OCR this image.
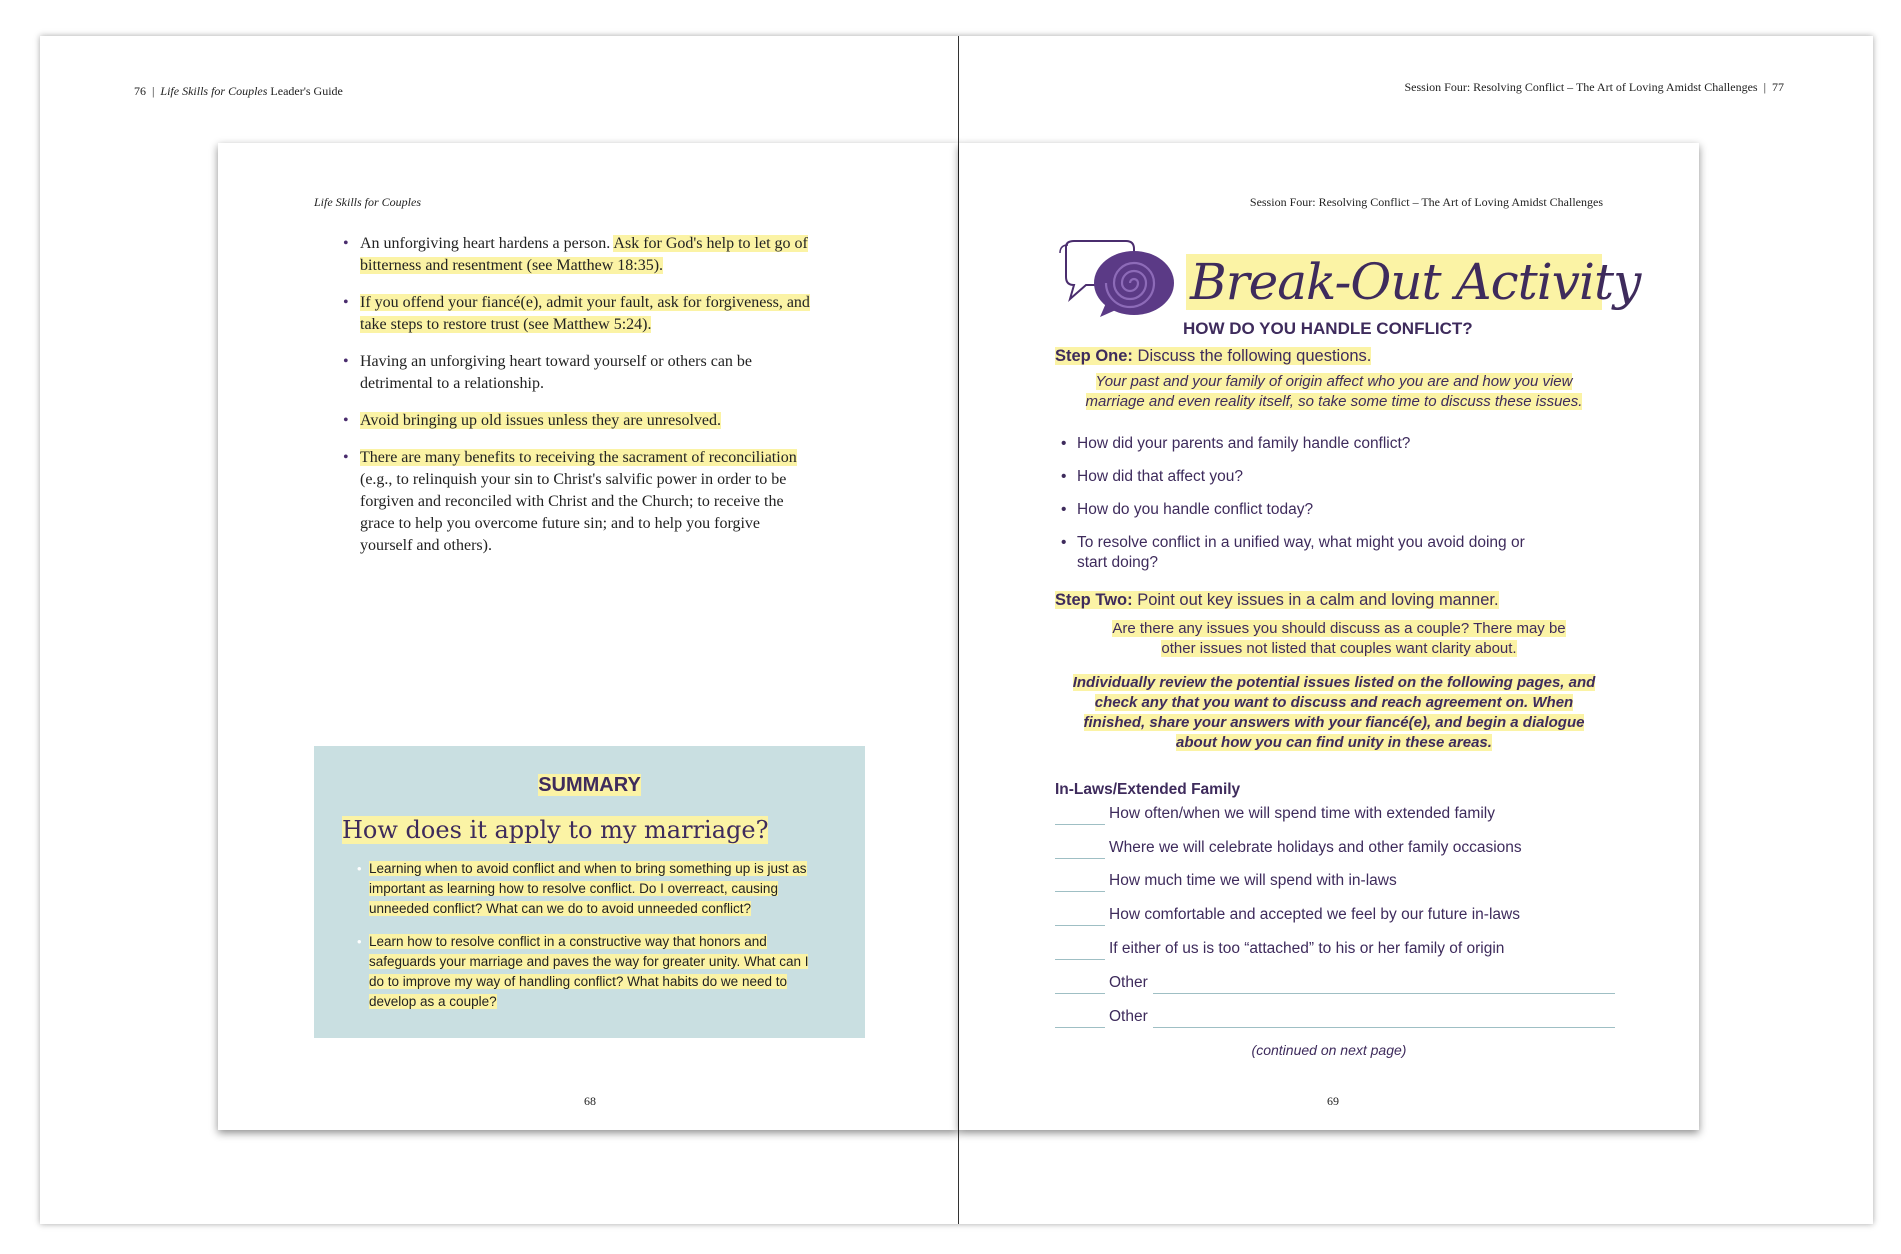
76  |  Life Skills for Couples Leader's Guide	Session Four: Resolving Conflict – The Art of Loving Amidst Challenges  |  77
Life Skills for Couples
• An unforgiving heart hardens a person. Ask for God's help to let go of bitterness and resentment (see Matthew 18:35).
• If you offend your fiancé(e), admit your fault, ask for forgiveness, and take steps to restore trust (see Matthew 5:24).
• Having an unforgiving heart toward yourself or others can be detrimental to a relationship.
• Avoid bringing up old issues unless they are unresolved.
• There are many benefits to receiving the sacrament of reconciliation (e.g., to relinquish your sin to Christ's salvific power in order to be forgiven and reconciled with Christ and the Church; to receive the grace to help you overcome future sin; and to help you forgive yourself and others).
SUMMARY
How does it apply to my marriage?
• Learning when to avoid conflict and when to bring something up is just as important as learning how to resolve conflict. Do I overreact, causing unneeded conflict? What can we do to avoid unneeded conflict?
• Learn how to resolve conflict in a constructive way that honors and safeguards your marriage and paves the way for greater unity. What can I do to improve my way of handling conflict? What habits do we need to develop as a couple?
68
Session Four: Resolving Conflict – The Art of Loving Amidst Challenges
Break-Out Activity
HOW DO YOU HANDLE CONFLICT?
Step One: Discuss the following questions.
Your past and your family of origin affect who you are and how you view marriage and even reality itself, so take some time to discuss these issues.
• How did your parents and family handle conflict?
• How did that affect you?
• How do you handle conflict today?
• To resolve conflict in a unified way, what might you avoid doing or start doing?
Step Two: Point out key issues in a calm and loving manner.
Are there any issues you should discuss as a couple? There may be other issues not listed that couples want clarity about.
Individually review the potential issues listed on the following pages, and check any that you want to discuss and reach agreement on. When finished, share your answers with your fiancé(e), and begin a dialogue about how you can find unity in these areas.
In-Laws/Extended Family
How often/when we will spend time with extended family
Where we will celebrate holidays and other family occasions
How much time we will spend with in-laws
How comfortable and accepted we feel by our future in-laws
If either of us is too “attached” to his or her family of origin
Other
Other
(continued on next page)
69
